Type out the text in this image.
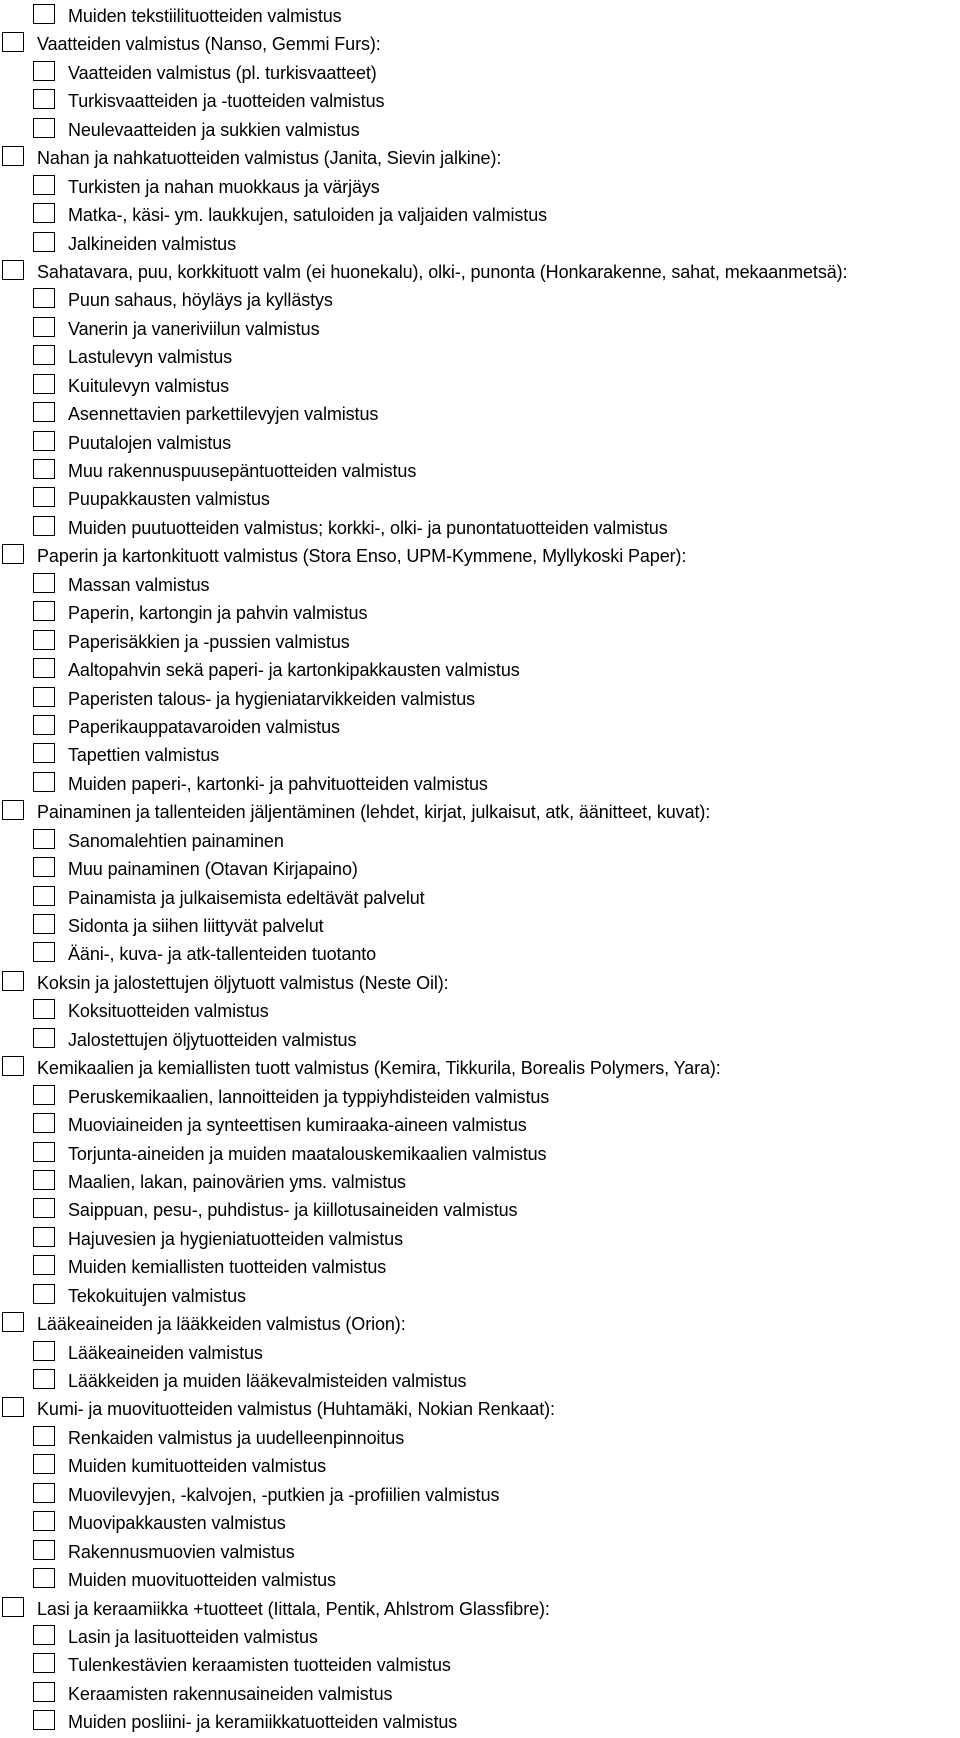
Muiden tekstiilituotteiden valmistus
Vaatteiden valmistus (Nanso, Gemmi Furs):
Vaatteiden valmistus (pl. turkisvaatteet)
Turkisvaatteiden ja -tuotteiden valmistus
Neulevaatteiden ja sukkien valmistus
Nahan ja nahkatuotteiden valmistus (Janita, Sievin jalkine):
Turkisten ja nahan muokkaus ja värjäys
Matka-, käsi- ym. laukkujen, satuloiden ja valjaiden valmistus
Jalkineiden valmistus
Sahatavara, puu, korkkituott valm (ei huonekalu), olki-, punonta (Honkarakenne, sahat, mekaanmetsä):
Puun sahaus, höyläys ja kyllästys
Vanerin ja vaneriviilun valmistus
Lastulevyn valmistus
Kuitulevyn valmistus
Asennettavien parkettilevyjen valmistus
Puutalojen valmistus
Muu rakennuspuusepäntuotteiden valmistus
Puupakkausten valmistus
Muiden puutuotteiden valmistus; korkki-, olki- ja punontatuotteiden valmistus
Paperin ja kartonkituott valmistus (Stora Enso, UPM-Kymmene, Myllykoski Paper):
Massan valmistus
Paperin, kartongin ja pahvin valmistus
Paperisäkkien ja -pussien valmistus
Aaltopahvin sekä paperi- ja kartonkipakkausten valmistus
Paperisten talous- ja hygieniatarvikkeiden valmistus
Paperikauppatavaroiden valmistus
Tapettien valmistus
Muiden paperi-, kartonki- ja pahvituotteiden valmistus
Painaminen ja tallenteiden jäljentäminen (lehdet, kirjat, julkaisut, atk, äänitteet, kuvat):
Sanomalehtien painaminen
Muu painaminen (Otavan Kirjapaino)
Painamista ja julkaisemista edeltävät palvelut
Sidonta ja siihen liittyvät palvelut
Ääni-, kuva- ja atk-tallenteiden tuotanto
Koksin ja jalostettujen öljytuott valmistus (Neste Oil):
Koksituotteiden valmistus
Jalostettujen öljytuotteiden valmistus
Kemikaalien ja kemiallisten tuott valmistus (Kemira, Tikkurila, Borealis Polymers, Yara):
Peruskemikaalien, lannoitteiden ja typpiyhdisteiden valmistus
Muoviaineiden ja synteettisen kumiraaka-aineen valmistus
Torjunta-aineiden ja muiden maatalouskemikaalien valmistus
Maalien, lakan, painovärien yms. valmistus
Saippuan, pesu-, puhdistus- ja kiillotusaineiden valmistus
Hajuvesien ja hygieniatuotteiden valmistus
Muiden kemiallisten tuotteiden valmistus
Tekokuitujen valmistus
Lääkeaineiden ja lääkkeiden valmistus (Orion):
Lääkeaineiden valmistus
Lääkkeiden ja muiden lääkevalmisteiden valmistus
Kumi- ja muovituotteiden valmistus (Huhtamäki, Nokian Renkaat):
Renkaiden valmistus ja uudelleenpinnoitus
Muiden kumituotteiden valmistus
Muovilevyjen, -kalvojen, -putkien ja -profiilien valmistus
Muovipakkausten valmistus
Rakennusmuovien valmistus
Muiden muovituotteiden valmistus
Lasi ja keraamiikka +tuotteet (Iittala, Pentik, Ahlstrom Glassfibre):
Lasin ja lasituotteiden valmistus
Tulenkestävien keraamisten tuotteiden valmistus
Keraamisten rakennusaineiden valmistus
Muiden posliini- ja keramiikkatuotteiden valmistus
